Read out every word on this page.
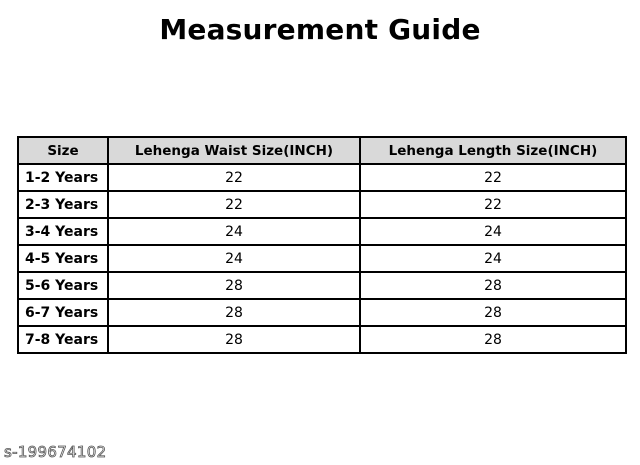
Measurement Guide
Size	Lehenga Waist Size(INCH)	Lehenga Length Size(INCH)
1-2 Years	22	22
2-3 Years	22	22
3-4 Years	24	24
4-5 Years	24	24
5-6 Years	28	28
6-7 Years	28	28
7-8 Years	28	28
s-199674102
